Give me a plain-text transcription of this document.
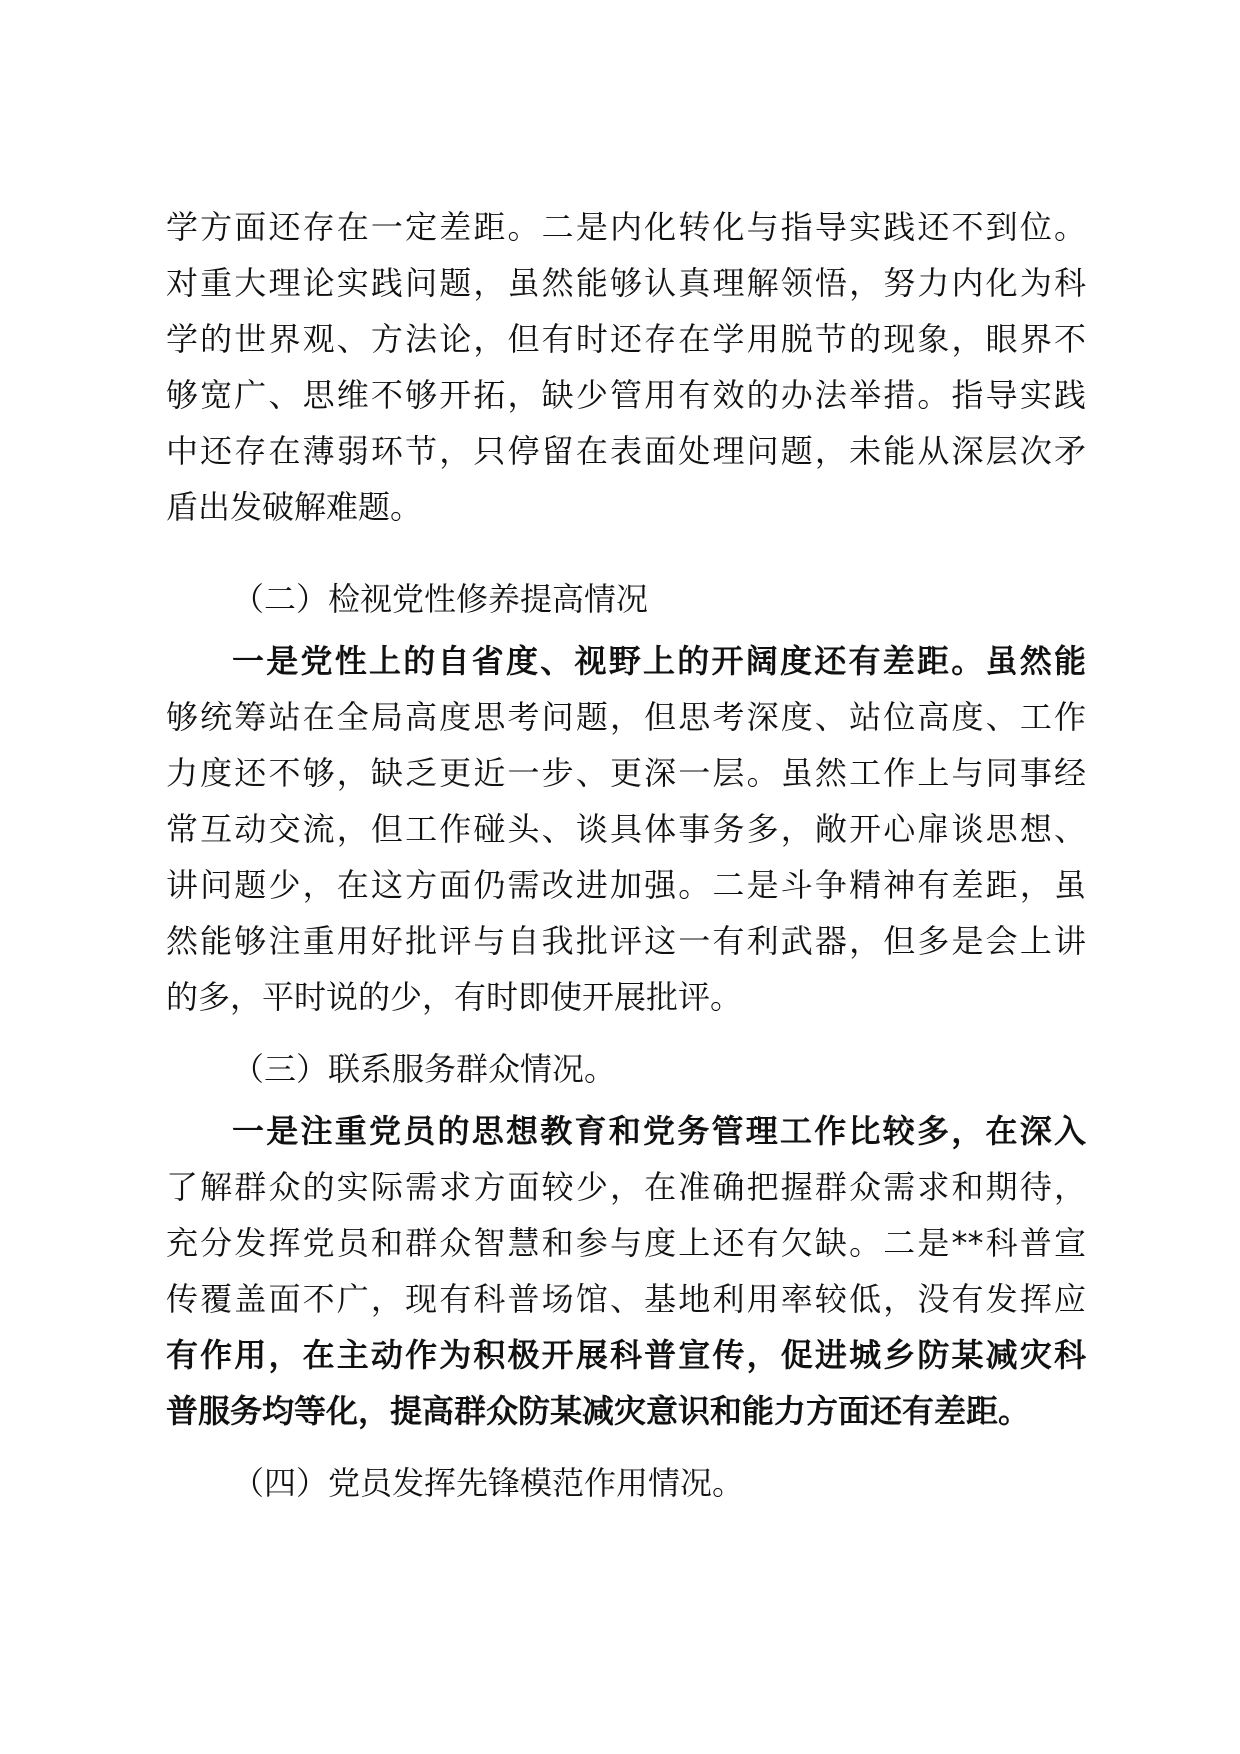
学方面还存在一定差距。二是内化转化与指导实践还不到位。
对重大理论实践问题，虽然能够认真理解领悟，努力内化为科
学的世界观、方法论，但有时还存在学用脱节的现象，眼界不
够宽广、思维不够开拓，缺少管用有效的办法举措。指导实践
中还存在薄弱环节，只停留在表面处理问题，未能从深层次矛
盾出发破解难题。
（二）检视党性修养提高情况
一是党性上的自省度、视野上的开阔度还有差距。虽然能
够统筹站在全局高度思考问题，但思考深度、站位高度、工作
力度还不够，缺乏更近一步、更深一层。虽然工作上与同事经
常互动交流，但工作碰头、谈具体事务多，敞开心扉谈思想、
讲问题少，在这方面仍需改进加强。二是斗争精神有差距，虽
然能够注重用好批评与自我批评这一有利武器，但多是会上讲
的多，平时说的少，有时即使开展批评。
（三）联系服务群众情况。
一是注重党员的思想教育和党务管理工作比较多，在深入
了解群众的实际需求方面较少，在准确把握群众需求和期待，
充分发挥党员和群众智慧和参与度上还有欠缺。二是**科普宣
传覆盖面不广，现有科普场馆、基地利用率较低，没有发挥应
有作用，在主动作为积极开展科普宣传，促进城乡防某减灾科
普服务均等化，提高群众防某减灾意识和能力方面还有差距。
（四）党员发挥先锋模范作用情况。
